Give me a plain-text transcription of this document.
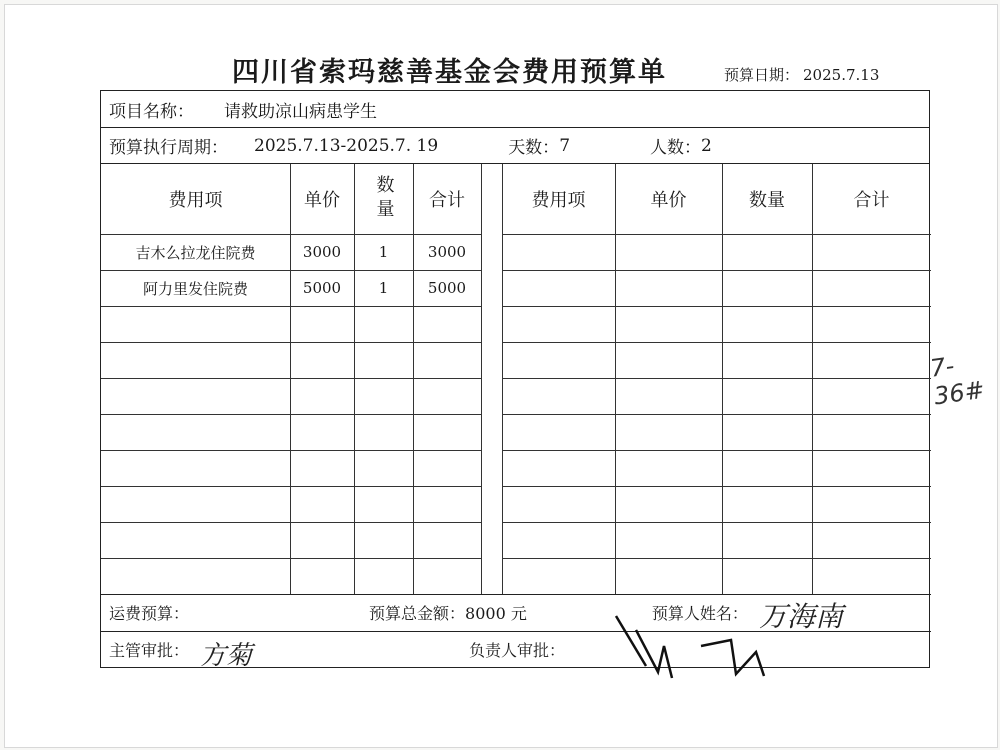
四川省索玛慈善基金会费用预算单	预算日期： 2025.7.13
项目名称： 请救助凉山病患学生
预算执行周期： 2025.7.13-2025.7. 19	天数： 7	人数： 2
费用项	单价	数量	合计	费用项	单价	数量	合计
吉木么拉龙住院费	3000	1	3000
阿力里发住院费	5000	1	5000
运费预算：	预算总金额： 8000 元	预算人姓名：
主管审批：	负责人审批：
万海南
方菊	娥 娥
7-36#
